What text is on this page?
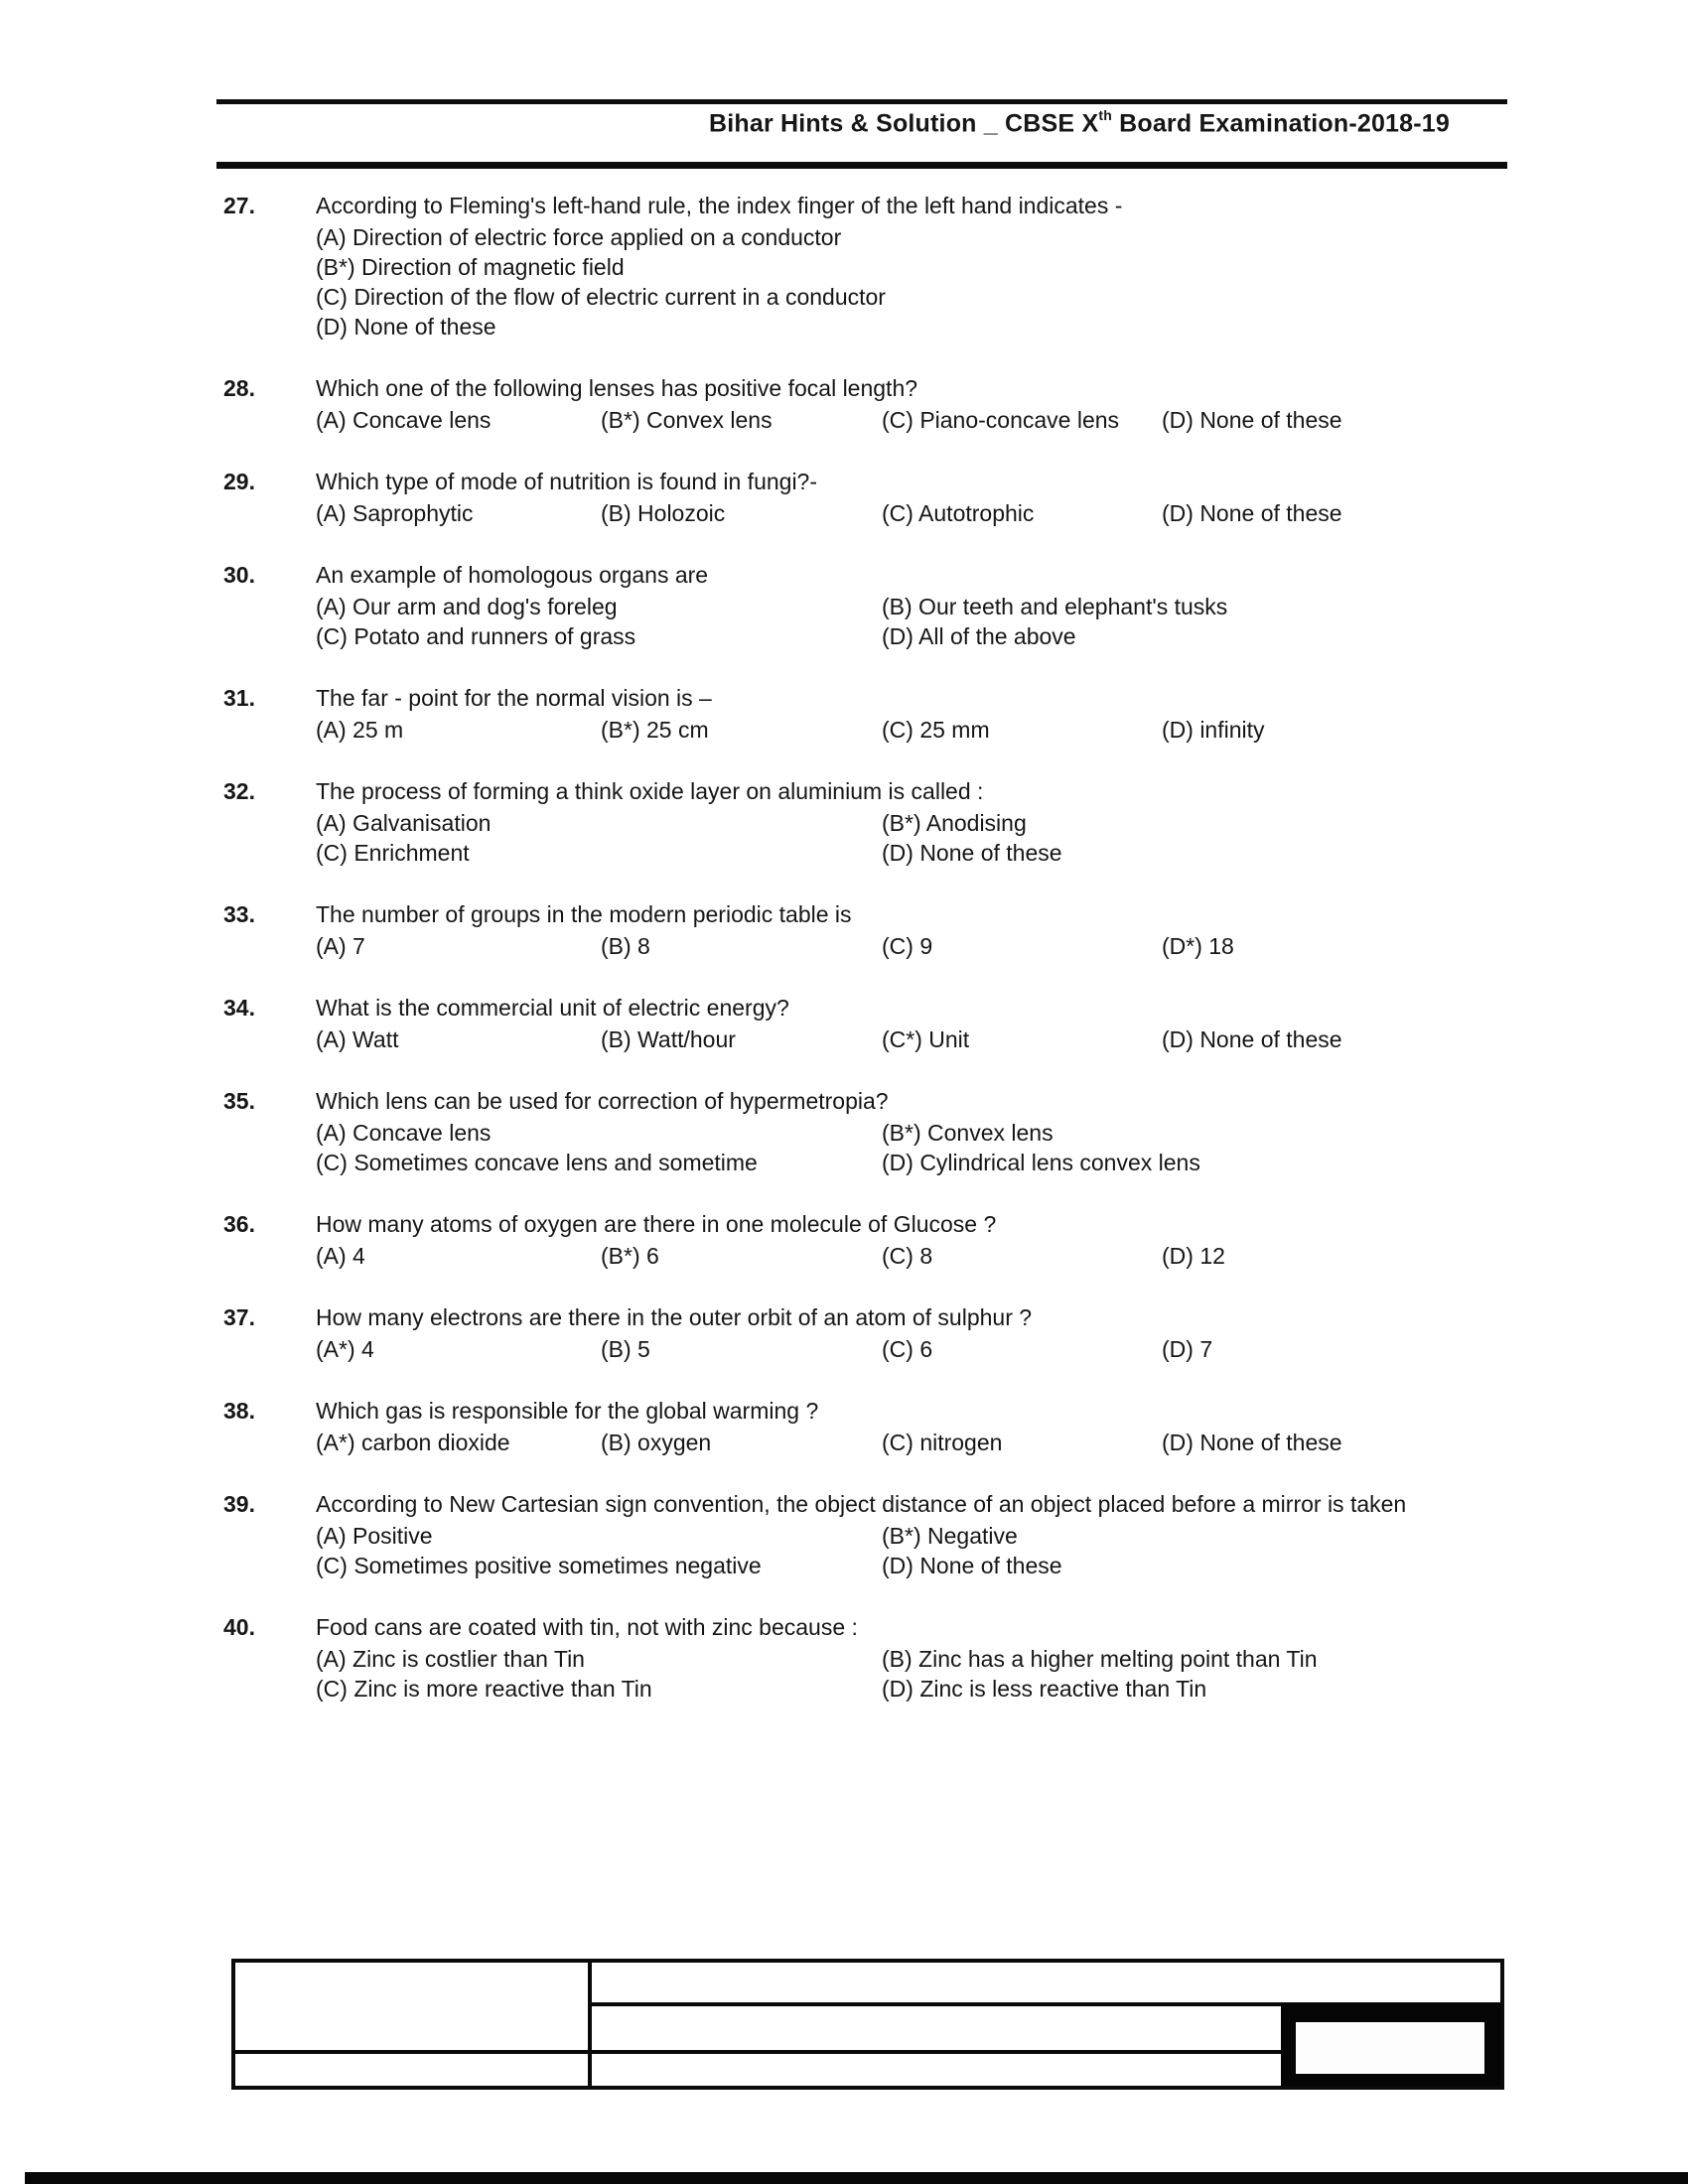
Bihar Hints & Solution _ CBSE Xth Board Examination-2018-19
27.	According to Fleming's left-hand rule, the index finger of the left hand indicates -
(A) Direction of electric force applied on a conductor
(B*) Direction of magnetic field
(C) Direction of the flow of electric current in a conductor
(D) None of these
28.	Which one of the following lenses has positive focal length?
(A) Concave lens	(B*) Convex lens	(C) Piano-concave lens	(D) None of these
29.	Which type of mode of nutrition is found in fungi?-
(A) Saprophytic	(B) Holozoic	(C) Autotrophic	(D) None of these
30.	An example of homologous organs are
(A) Our arm and dog's foreleg	(B) Our teeth and elephant's tusks
(C) Potato and runners of grass	(D) All of the above
31.	The far - point for the normal vision is –
(A) 25 m	(B*) 25 cm	(C) 25 mm	(D) infinity
32.	The process of forming a think oxide layer on aluminium is called :
(A) Galvanisation	(B*) Anodising
(C) Enrichment	(D) None of these
33.	The number of groups in the modern periodic table is
(A) 7	(B) 8	(C) 9	(D*) 18
34.	What is the commercial unit of electric energy?
(A) Watt	(B) Watt/hour	(C*) Unit	(D) None of these
35.	Which lens can be used for correction of hypermetropia?
(A) Concave lens	(B*) Convex lens
(C) Sometimes concave lens and sometime	(D) Cylindrical lens convex lens
36.	How many atoms of oxygen are there in one molecule of Glucose ?
(A) 4	(B*) 6	(C) 8	(D) 12
37.	How many electrons are there in the outer orbit of an atom of sulphur ?
(A*) 4	(B) 5	(C) 6	(D) 7
38.	Which gas is responsible for the global warming ?
(A*) carbon dioxide	(B) oxygen	(C) nitrogen	(D) None of these
39.	According to New Cartesian sign convention, the object distance of an object placed before a mirror is taken
(A) Positive	(B*) Negative
(C) Sometimes positive sometimes negative	(D) None of these
40.	Food cans are coated with tin, not with zinc because :
(A) Zinc is costlier than Tin	(B) Zinc has a higher melting point than Tin
(C) Zinc is more reactive than Tin	(D) Zinc is less reactive than Tin
